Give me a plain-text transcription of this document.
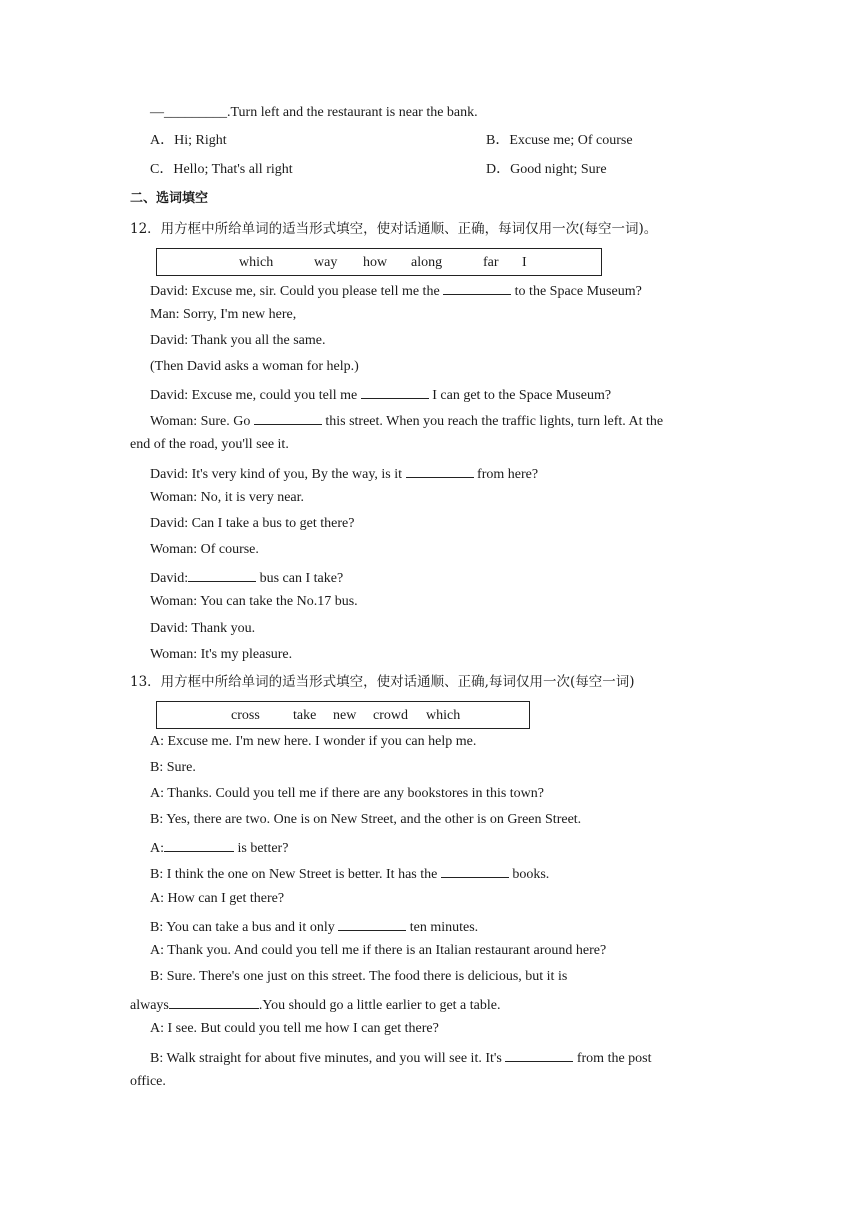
—_________.Turn left and the restaurant is near the bank.
A．Hi; Right	B．Excuse me; Of course
C．Hello; That's all right	D．Good night; Sure
二、选词填空
12．用方框中所给单词的适当形式填空，使对话通顺、正确，每词仅用一次(每空一词)。
which	way how along	far I
David: Excuse me, sir. Could you please tell me the	to the Space Museum?
Man: Sorry, I'm new here,
David: Thank you all the same.
(Then David asks a woman for help.)
David: Excuse me, could you tell me	I can get to the Space Museum?
Woman: Sure. Go	this street. When you reach the traffic lights, turn left. At the
end of the road, you'll see it.
David: It's very kind of you, By the way, is it	from here?
Woman: No, it is very near.
David: Can I take a bus to get there?
Woman: Of course.
David:	bus can I take?
Woman: You can take the No.17 bus.
David: Thank you.
Woman: It's my pleasure.
13．用方框中所给单词的适当形式填空，使对话通顺、正确,每词仅用一次(每空一词)
cross take new crowd which
A: Excuse me. I'm new here. I wonder if you can help me.
B: Sure.
A: Thanks. Could you tell me if there are any bookstores in this town?
B: Yes, there are two. One is on New Street, and the other is on Green Street.
A:	is better?
B: I think the one on New Street is better. It has the	books.
A: How can I get there?
B: You can take a bus and it only	ten minutes.
A: Thank you. And could you tell me if there is an Italian restaurant around here?
B: Sure. There's one just on this street. The food there is delicious, but it is
always	.You should go a little earlier to get a table.
A: I see. But could you tell me how I can get there?
B: Walk straight for about five minutes, and you will see it. It's	from the post
office.
